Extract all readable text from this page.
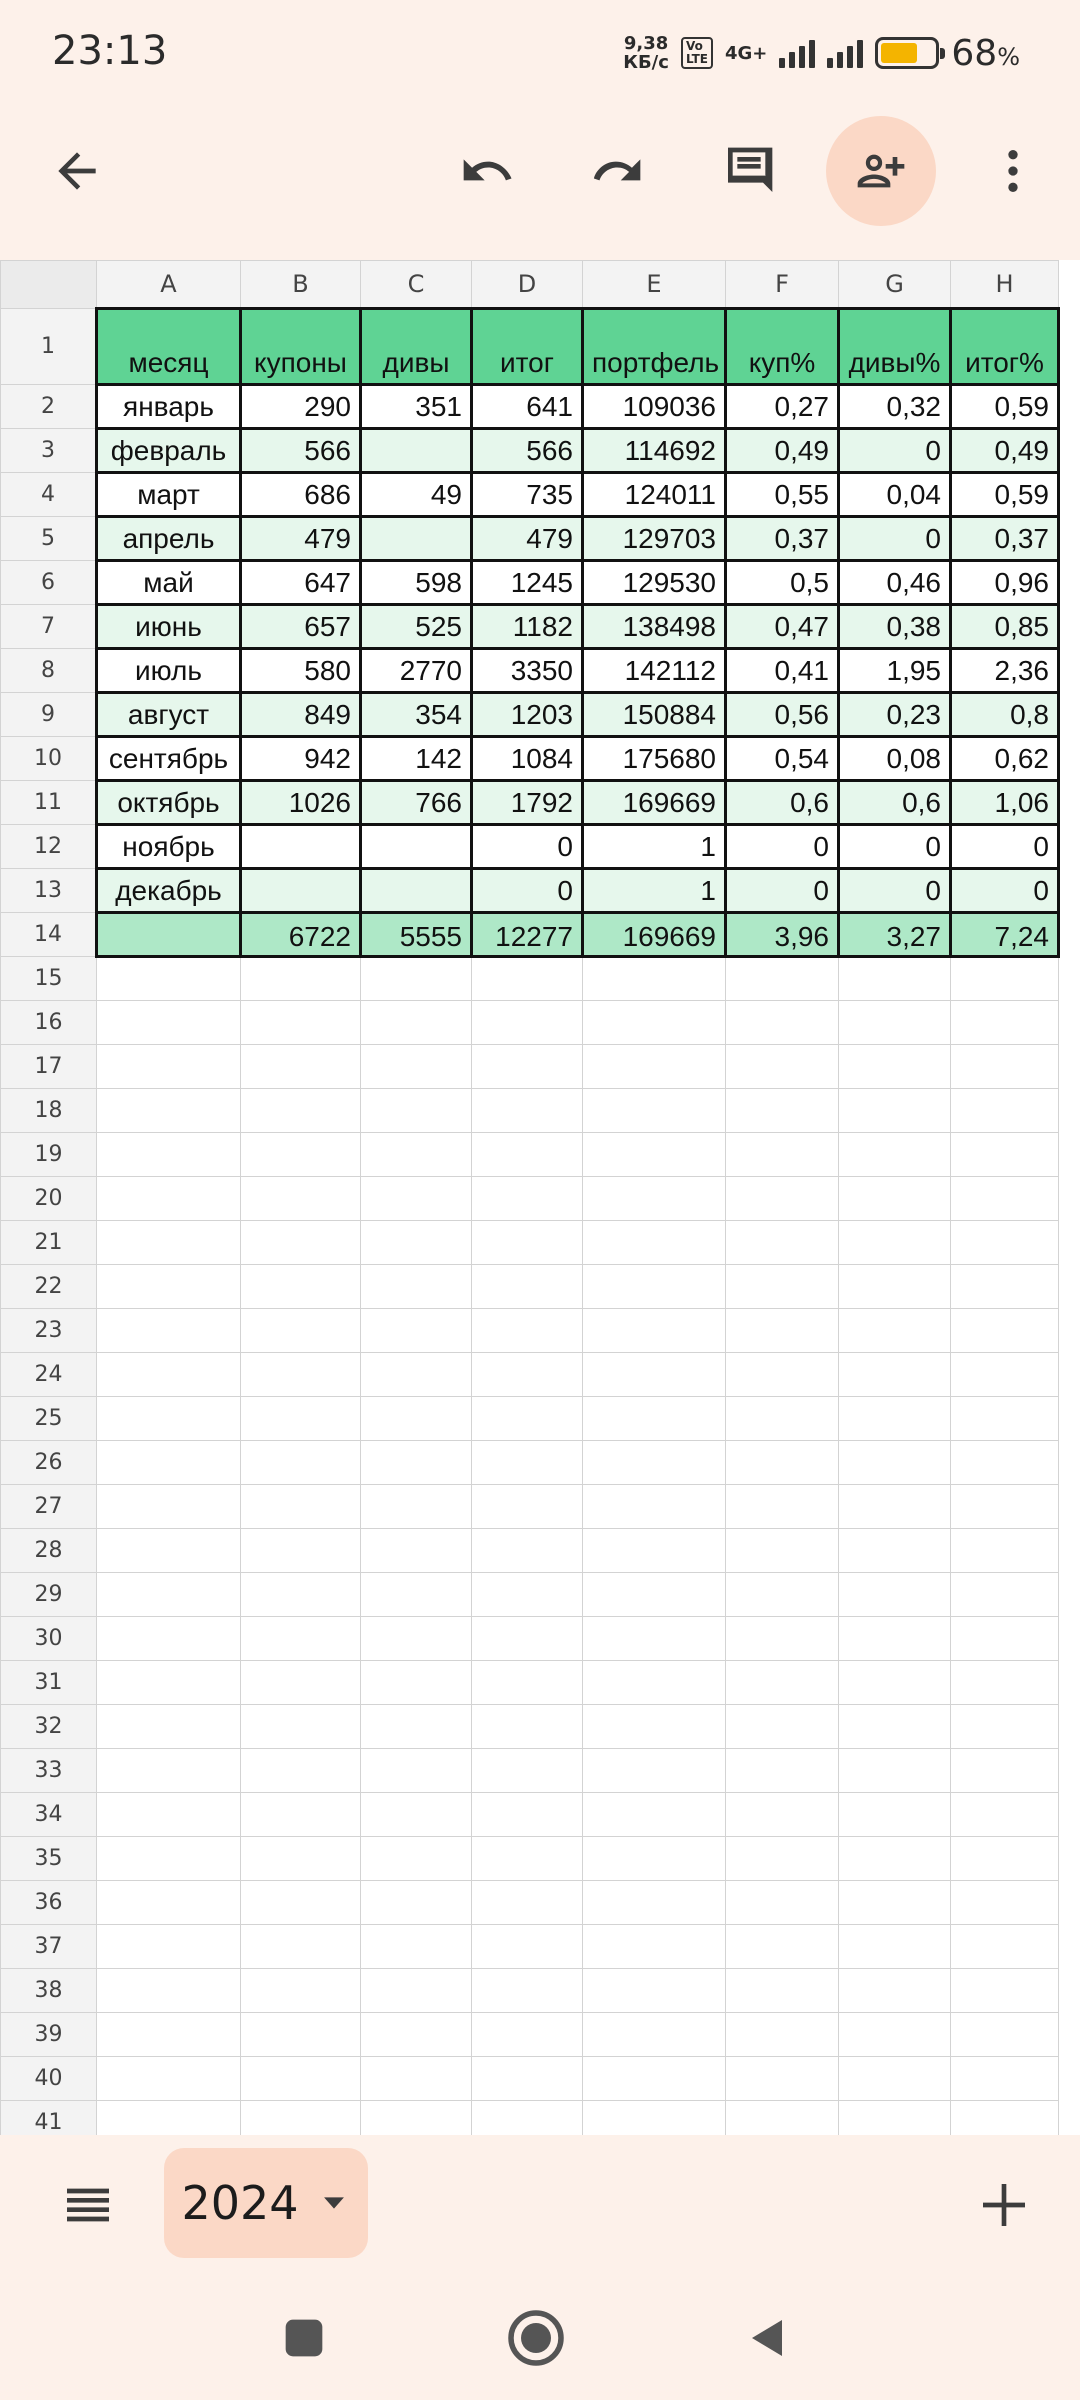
23:13	9,38
КБ/с
Vo
LTE 4G+	68%
	A	B	C	D	E	F	G	H
1	месяц	купоны	дивы	итог	портфель	куп%	дивы%	итог%
2	январь	290	351	641	109036	0,27	0,32	0,59
3	февраль	566		566	114692	0,49	0	0,49
4	март	686	49	735	124011	0,55	0,04	0,59
5	апрель	479		479	129703	0,37	0	0,37
6	май	647	598	1245	129530	0,5	0,46	0,96
7	июнь	657	525	1182	138498	0,47	0,38	0,85
8	июль	580	2770	3350	142112	0,41	1,95	2,36
9	август	849	354	1203	150884	0,56	0,23	0,8
10	сентябрь	942	142	1084	175680	0,54	0,08	0,62
11	октябрь	1026	766	1792	169669	0,6	0,6	1,06
12	ноябрь			0	1	0	0	0
13	декабрь			0	1	0	0	0
14		6722	5555	12277	169669	3,96	3,27	7,24
15								
16								
17								
18								
19								
20								
21								
22								
23								
24								
25								
26								
27								
28								
29								
30								
31								
32								
33								
34								
35								
36								
37								
38								
39								
40								
41								
2024
